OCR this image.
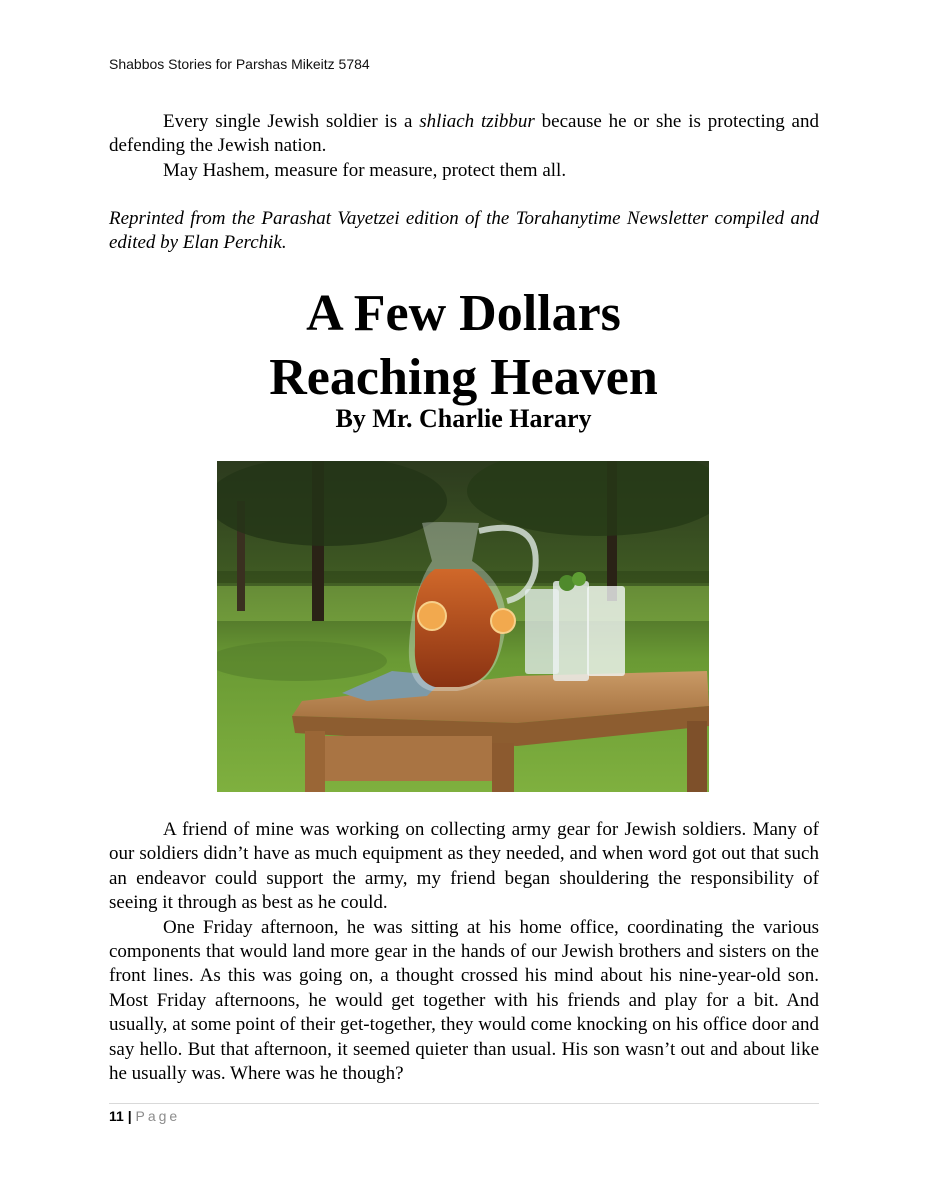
Shabbos Stories for Parshas Mikeitz 5784

Every single Jewish soldier is a shliach tzibbur because he or she is protecting and defending the Jewish nation.

May Hashem, measure for measure, protect them all.

Reprinted from the Parashat Vayetzei edition of the Torahanytime Newsletter compiled and edited by Elan Perchik.

A Few Dollars
Reaching Heaven
By Mr. Charlie Harary

A friend of mine was working on collecting army gear for Jewish soldiers. Many of our soldiers didn’t have as much equipment as they needed, and when word got out that such an endeavor could support the army, my friend began shouldering the responsibility of seeing it through as best as he could.

One Friday afternoon, he was sitting at his home office, coordinating the various components that would land more gear in the hands of our Jewish brothers and sisters on the front lines. As this was going on, a thought crossed his mind about his nine-year-old son. Most Friday afternoons, he would get together with his friends and play for a bit. And usually, at some point of their get-together, they would come knocking on his office door and say hello. But that afternoon, it seemed quieter than usual. His son wasn’t out and about like he usually was. Where was he though?

11 | Page
